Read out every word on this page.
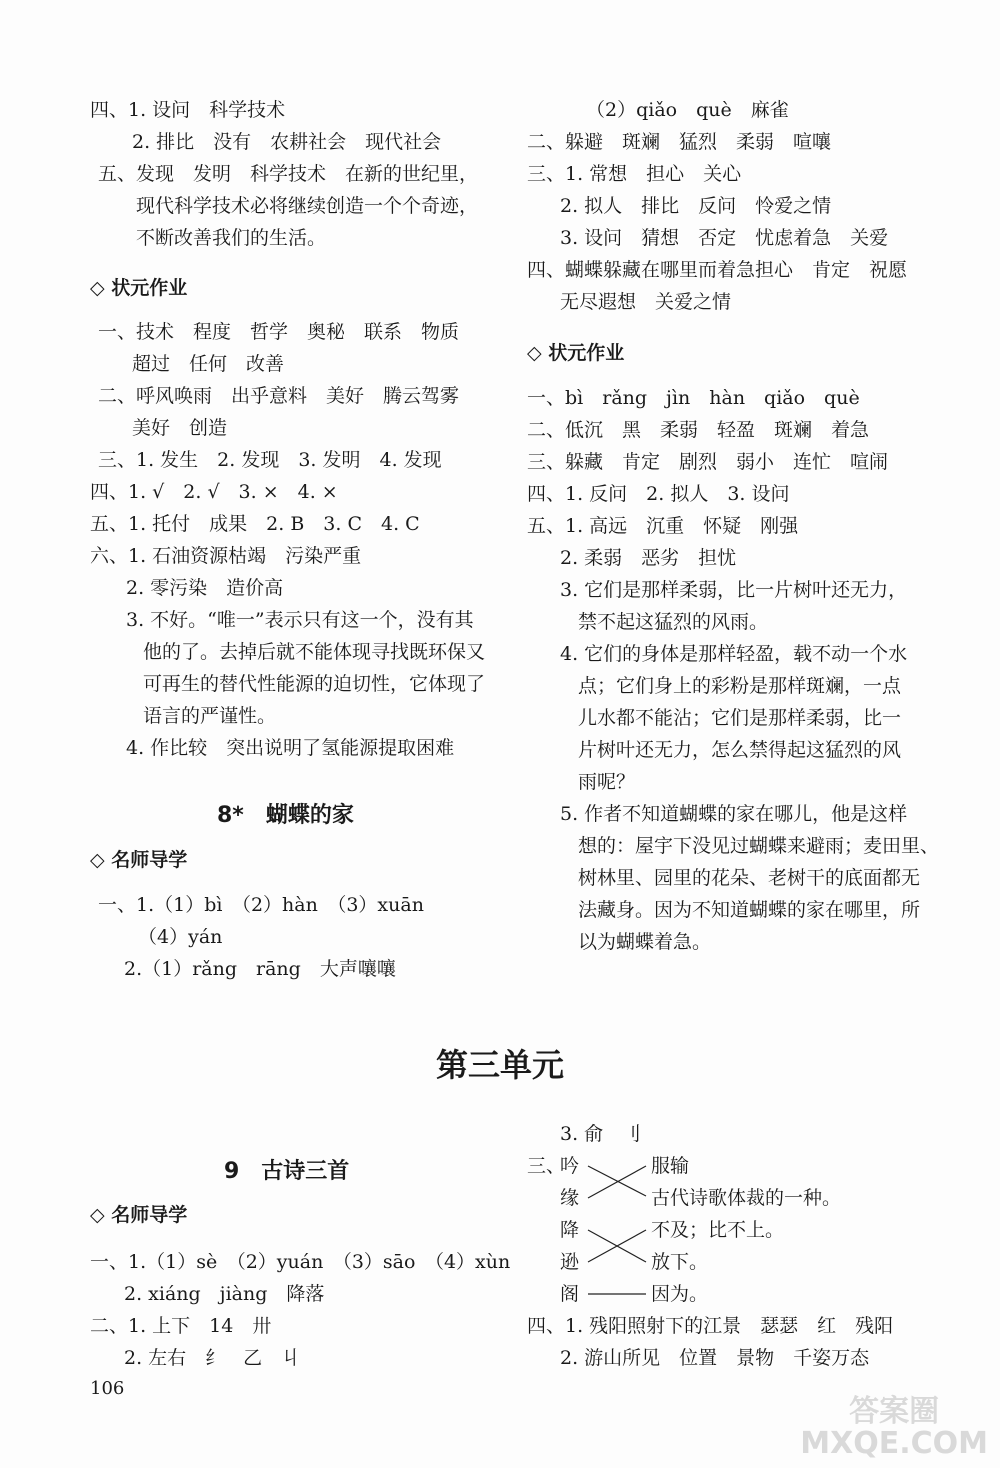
四、1. 设问　科学技术
2. 排比　没有　农耕社会　现代社会
五、发现　发明　科学技术　在新的世纪里，
现代科学技术必将继续创造一个个奇迹，
不断改善我们的生活。
◇ 状元作业
一、技术　程度　哲学　奥秘　联系　物质
超过　任何　改善
二、呼风唤雨　出乎意料　美好　腾云驾雾
美好　创造
三、1. 发生　2. 发现　3. 发明　4. 发现
四、1. √　2. √　3. ×　4. ×
五、1. 托付　成果　2. B　3. C　4. C
六、1. 石油资源枯竭　污染严重
2. 零污染　造价高
3. 不好。“唯一”表示只有这一个，没有其
他的了。去掉后就不能体现寻找既环保又
可再生的替代性能源的迫切性，它体现了
语言的严谨性。
4. 作比较　突出说明了氢能源提取困难
8*　蝴蝶的家
◇ 名师导学
一、1.（1）bì　（2）hàn　（3）xuān
（4）yán
2.（1）rǎng　rāng　大声嚷嚷
（2）qiǎo　què　麻雀
二、躲避　斑斓　猛烈　柔弱　喧嚷
三、1. 常想　担心　关心
2. 拟人　排比　反问　怜爱之情
3. 设问　猜想　否定　忧虑着急　关爱
四、蝴蝶躲藏在哪里而着急担心　肯定　祝愿
无尽遐想　关爱之情
◇ 状元作业
一、bì　rǎng　jìn　hàn　qiǎo　què
二、低沉　黑　柔弱　轻盈　斑斓　着急
三、躲藏　肯定　剧烈　弱小　连忙　喧闹
四、1. 反问　2. 拟人　3. 设问
五、1. 高远　沉重　怀疑　刚强
2. 柔弱　恶劣　担忧
3. 它们是那样柔弱，比一片树叶还无力，
禁不起这猛烈的风雨。
4. 它们的身体是那样轻盈，载不动一个水
点；它们身上的彩粉是那样斑斓，一点
儿水都不能沾；它们是那样柔弱，比一
片树叶还无力，怎么禁得起这猛烈的风
雨呢？
5. 作者不知道蝴蝶的家在哪儿，他是这样
想的：屋宇下没见过蝴蝶来避雨；麦田里、
树林里、园里的花朵、老树干的底面都无
法藏身。因为不知道蝴蝶的家在哪里，所
以为蝴蝶着急。
第三单元
9　古诗三首
◇ 名师导学
一、1.（1）sè　（2）yuán　（3）sāo　（4）xùn
2. xiáng　jiàng　降落
二、1. 上下　14　卅
2. 左右　纟　乙　丩
3. 俞　刂
三、
吟
缘
降
逊
阁
服输
古代诗歌体裁的一种。
不及；比不上。
放下。
因为。
四、1. 残阳照射下的江景　瑟瑟　红　残阳
2. 游山所见　位置　景物　千姿万态
106
答案圈
MXQE.COM
